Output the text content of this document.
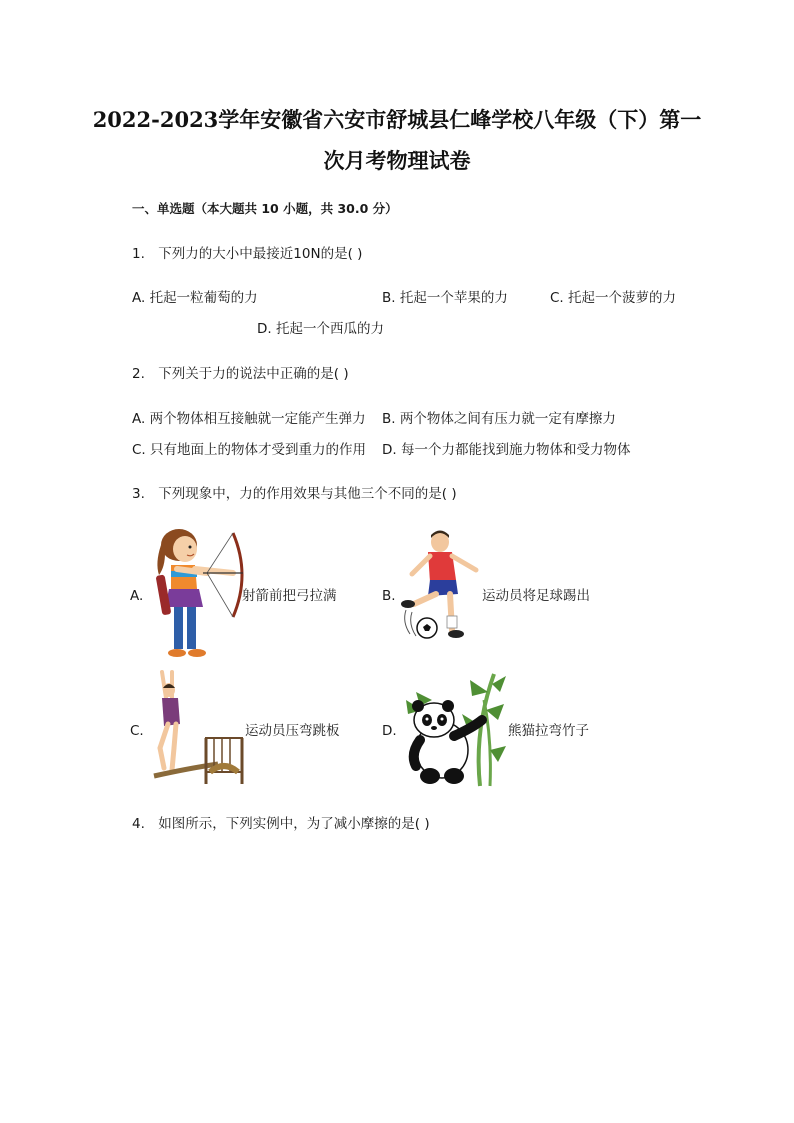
2022-2023学年安徽省六安市舒城县仁峰学校八年级（下）第一
次月考物理试卷
一、单选题（本大题共 10 小题，共 30.0 分）
1. 下列力的大小中最接近10N的是( )
A. 托起一粒葡萄的力	B. 托起一个苹果的力	C. 托起一个菠萝的力
D. 托起一个西瓜的力
2. 下列关于力的说法中正确的是( )
A. 两个物体相互接触就一定能产生弹力 B. 两个物体之间有压力就一定有摩擦力
C. 只有地面上的物体才受到重力的作用 D. 每一个力都能找到施力物体和受力物体
3. 下列现象中，力的作用效果与其他三个不同的是( )
A.	射箭前把弓拉满	B.	运动员将足球踢出
C.	运动员压弯跳板	D.	熊猫拉弯竹子
4. 如图所示，下列实例中，为了减小摩擦的是( )
